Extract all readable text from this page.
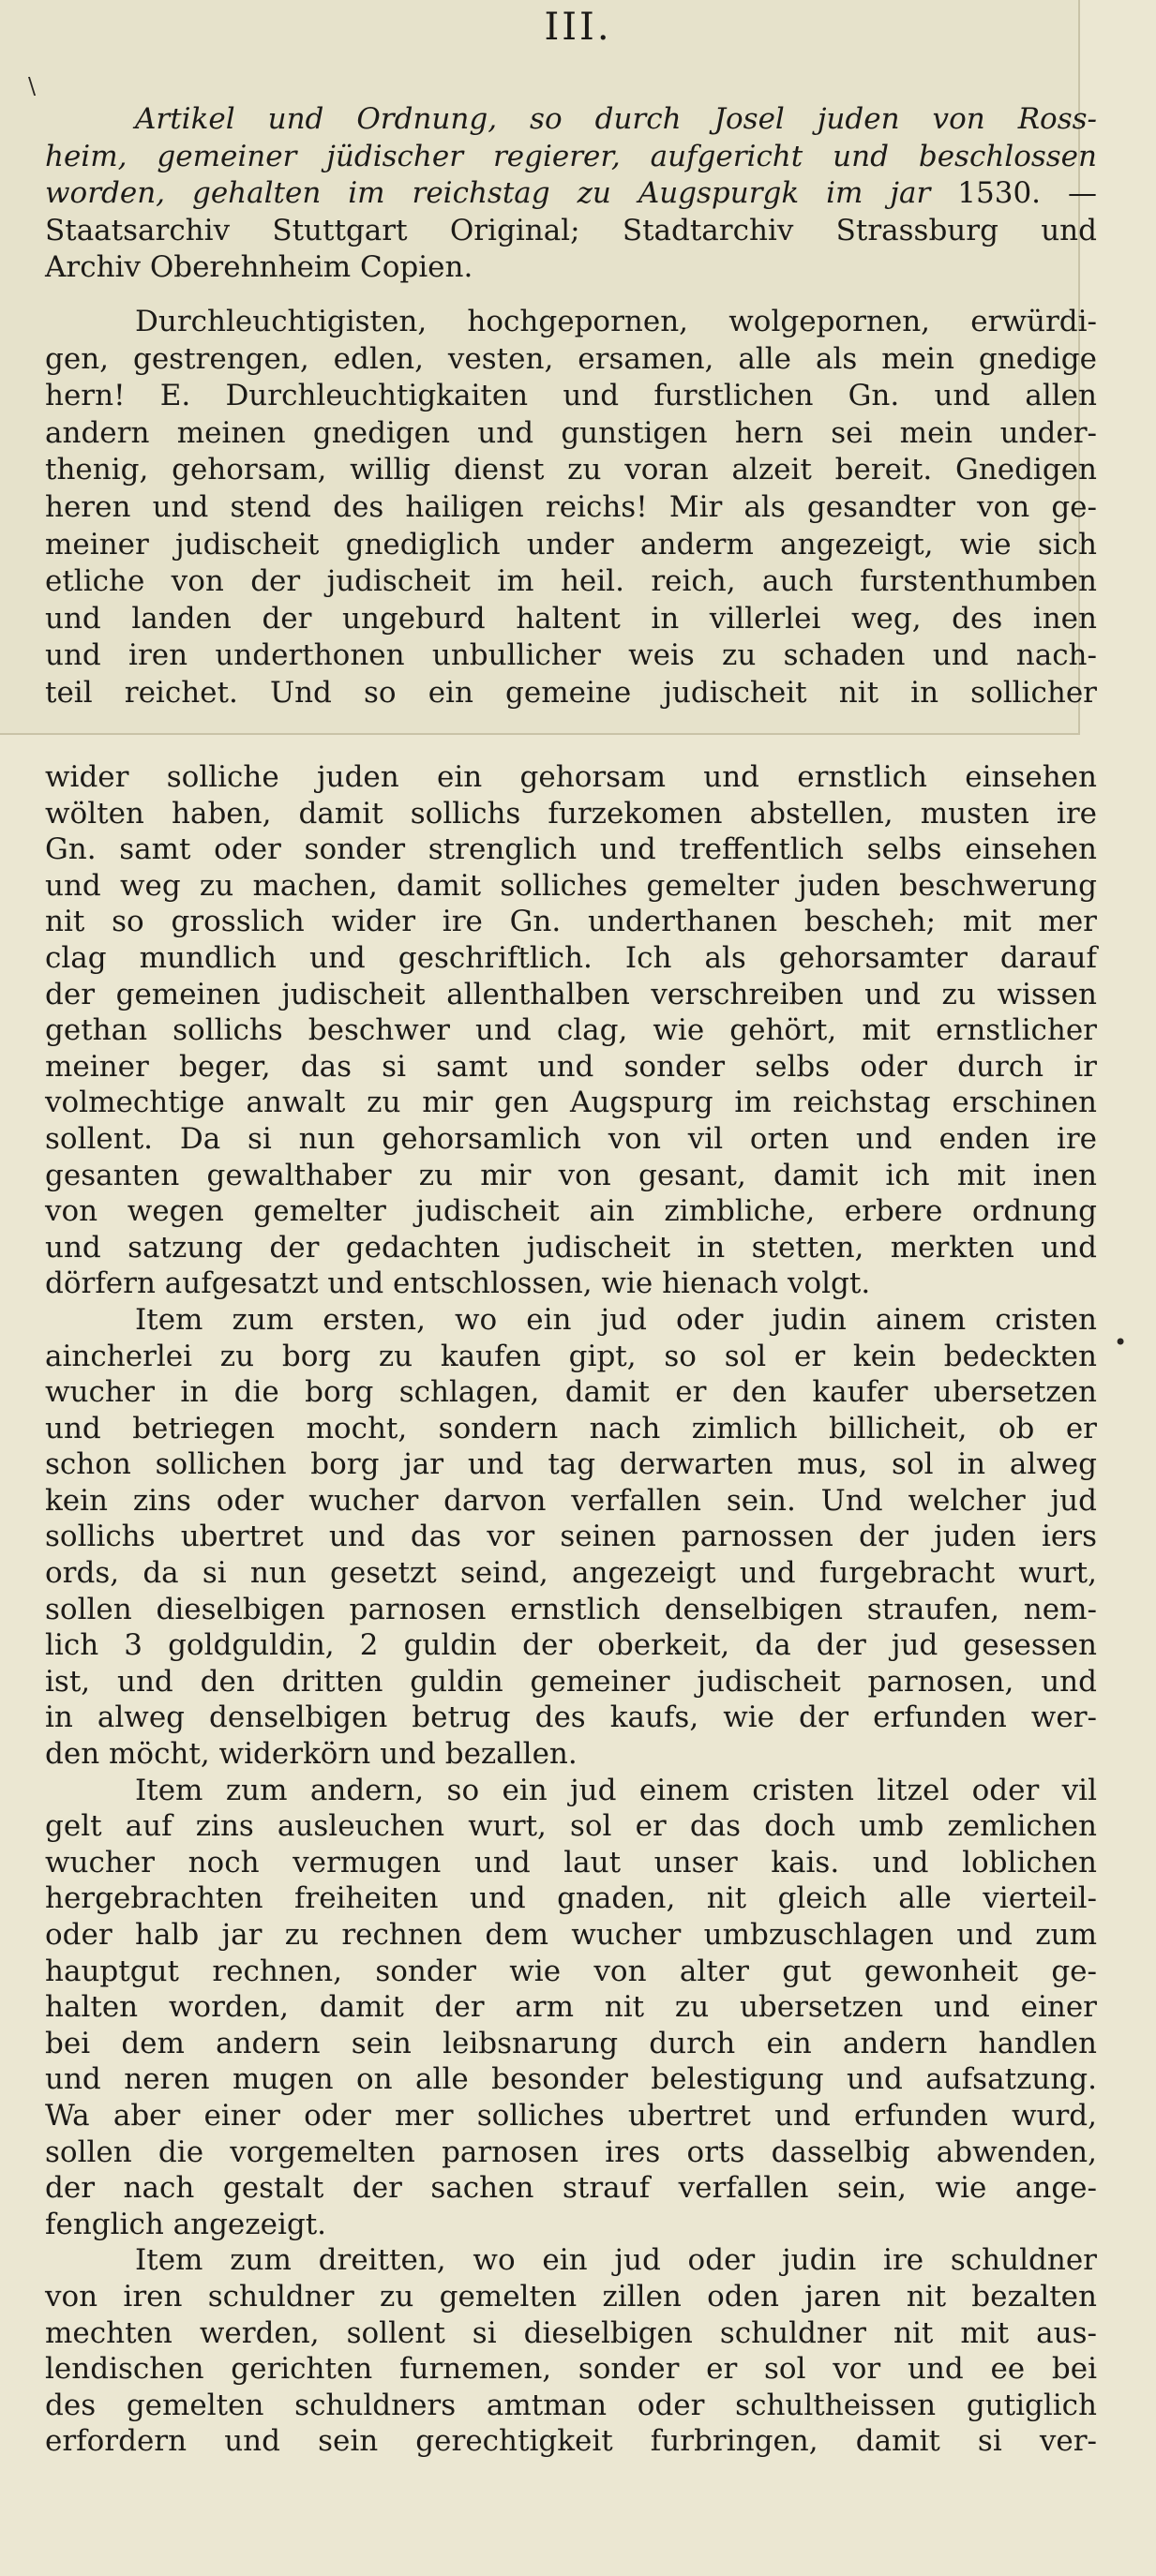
III.
\
•
Artikel und Ordnung, so durch Josel juden von Ross-
heim, gemeiner jüdischer regierer, aufgericht und beschlossen
worden, gehalten im reichstag zu Augspurgk im jar 1530. —
Staatsarchiv Stuttgart Original; Stadtarchiv Strassburg und
Archiv Oberehnheim Copien.
Durchleuchtigisten, hochgepornen, wolgepornen, erwürdi-
gen, gestrengen, edlen, vesten, ersamen, alle als mein gnedige
hern! E. Durchleuchtigkaiten und furstlichen Gn. und allen
andern meinen gnedigen und gunstigen hern sei mein under-
thenig, gehorsam, willig dienst zu voran alzeit bereit. Gnedigen
heren und stend des hailigen reichs! Mir als gesandter von ge-
meiner judischeit gnediglich under anderm angezeigt, wie sich
etliche von der judischeit im heil. reich, auch furstenthumben
und landen der ungeburd haltent in villerlei weg, des inen
und iren underthonen unbullicher weis zu schaden und nach-
teil reichet. Und so ein gemeine judischeit nit in sollicher
wider solliche juden ein gehorsam und ernstlich einsehen
wölten haben, damit sollichs furzekomen abstellen, musten ire
Gn. samt oder sonder strenglich und treffentlich selbs einsehen
und weg zu machen, damit solliches gemelter juden beschwerung
nit so grosslich wider ire Gn. underthanen bescheh; mit mer
clag mundlich und geschriftlich. Ich als gehorsamter darauf
der gemeinen judischeit allenthalben verschreiben und zu wissen
gethan sollichs beschwer und clag, wie gehört, mit ernstlicher
meiner beger, das si samt und sonder selbs oder durch ir
volmechtige anwalt zu mir gen Augspurg im reichstag erschinen
sollent. Da si nun gehorsamlich von vil orten und enden ire
gesanten gewalthaber zu mir von gesant, damit ich mit inen
von wegen gemelter judischeit ain zimbliche, erbere ordnung
und satzung der gedachten judischeit in stetten, merkten und
dörfern aufgesatzt und entschlossen, wie hienach volgt.
Item zum ersten, wo ein jud oder judin ainem cristen
aincherlei zu borg zu kaufen gipt, so sol er kein bedeckten
wucher in die borg schlagen, damit er den kaufer ubersetzen
und betriegen mocht, sondern nach zimlich billicheit, ob er
schon sollichen borg jar und tag derwarten mus, sol in alweg
kein zins oder wucher darvon verfallen sein. Und welcher jud
sollichs ubertret und das vor seinen parnossen der juden iers
ords, da si nun gesetzt seind, angezeigt und furgebracht wurt,
sollen dieselbigen parnosen ernstlich denselbigen straufen, nem-
lich 3 goldguldin, 2 guldin der oberkeit, da der jud gesessen
ist, und den dritten guldin gemeiner judischeit parnosen, und
in alweg denselbigen betrug des kaufs, wie der erfunden wer-
den möcht, widerkörn und bezallen.
Item zum andern, so ein jud einem cristen litzel oder vil
gelt auf zins ausleuchen wurt, sol er das doch umb zemlichen
wucher noch vermugen und laut unser kais. und loblichen
hergebrachten freiheiten und gnaden, nit gleich alle vierteil-
oder halb jar zu rechnen dem wucher umbzuschlagen und zum
hauptgut rechnen, sonder wie von alter gut gewonheit ge-
halten worden, damit der arm nit zu ubersetzen und einer
bei dem andern sein leibsnarung durch ein andern handlen
und neren mugen on alle besonder belestigung und aufsatzung.
Wa aber einer oder mer solliches ubertret und erfunden wurd,
sollen die vorgemelten parnosen ires orts dasselbig abwenden,
der nach gestalt der sachen strauf verfallen sein, wie ange-
fenglich angezeigt.
Item zum dreitten, wo ein jud oder judin ire schuldner
von iren schuldner zu gemelten zillen oden jaren nit bezalten
mechten werden, sollent si dieselbigen schuldner nit mit aus-
lendischen gerichten furnemen, sonder er sol vor und ee bei
des gemelten schuldners amtman oder schultheissen gutiglich
erfordern und sein gerechtigkeit furbringen, damit si ver-
